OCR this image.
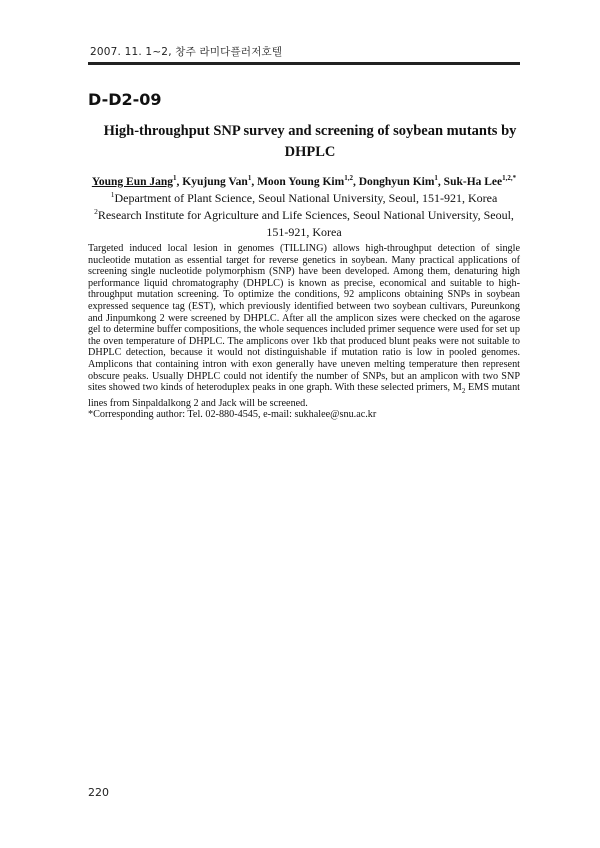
2007. 11. 1~2, 창주 라미다플러저호텔
D-D2-09
High-throughput SNP survey and screening of soybean mutants by
DHPLC
Young Eun Jang$^1$, Kyujung Van$^1$, Moon Young Kim$^{1,2}$, Donghyun Kim$^1$, Suk-Ha Lee$^{1,2,*}$
$^1$Department of Plant Science, Seoul National University, Seoul, 151-921, Korea
$^2$Research Institute for Agriculture and Life Sciences, Seoul National University, Seoul,
151-921, Korea

Targeted induced local lesion in genomes (TILLING) allows high-throughput detection of single nucleotide mutation as essential target for reverse genetics in soybean. Many practical applications of screening single nucleotide polymorphism (SNP) have been developed. Among them, denaturing high performance liquid chromatography (DHPLC) is known as precise, economical and suitable to high-throughput mutation screening. To optimize the conditions, 92 amplicons obtaining SNPs in soybean expressed sequence tag (EST), which previously identified between two soybean cultivars, Pureunkong and Jinpumkong 2 were screened by DHPLC. After all the amplicon sizes were checked on the agarose gel to determine buffer compositions, the whole sequences included primer sequence were used for set up the oven temperature of DHPLC. The amplicons over 1kb that produced blunt peaks were not suitable to DHPLC detection, because it would not distinguishable if mutation ratio is low in pooled genomes. Amplicons that containing intron with exon generally have uneven melting temperature then represent obscure peaks. Usually DHPLC could not identify the number of SNPs, but an amplicon with two SNP sites showed two kinds of heteroduplex peaks in one graph. With these selected primers, $M_2$ EMS mutant lines from Sinpaldalkong 2 and Jack will be screened.

*Corresponding author: Tel. 02-880-4545, e-mail: sukhalee@snu.ac.kr

220
